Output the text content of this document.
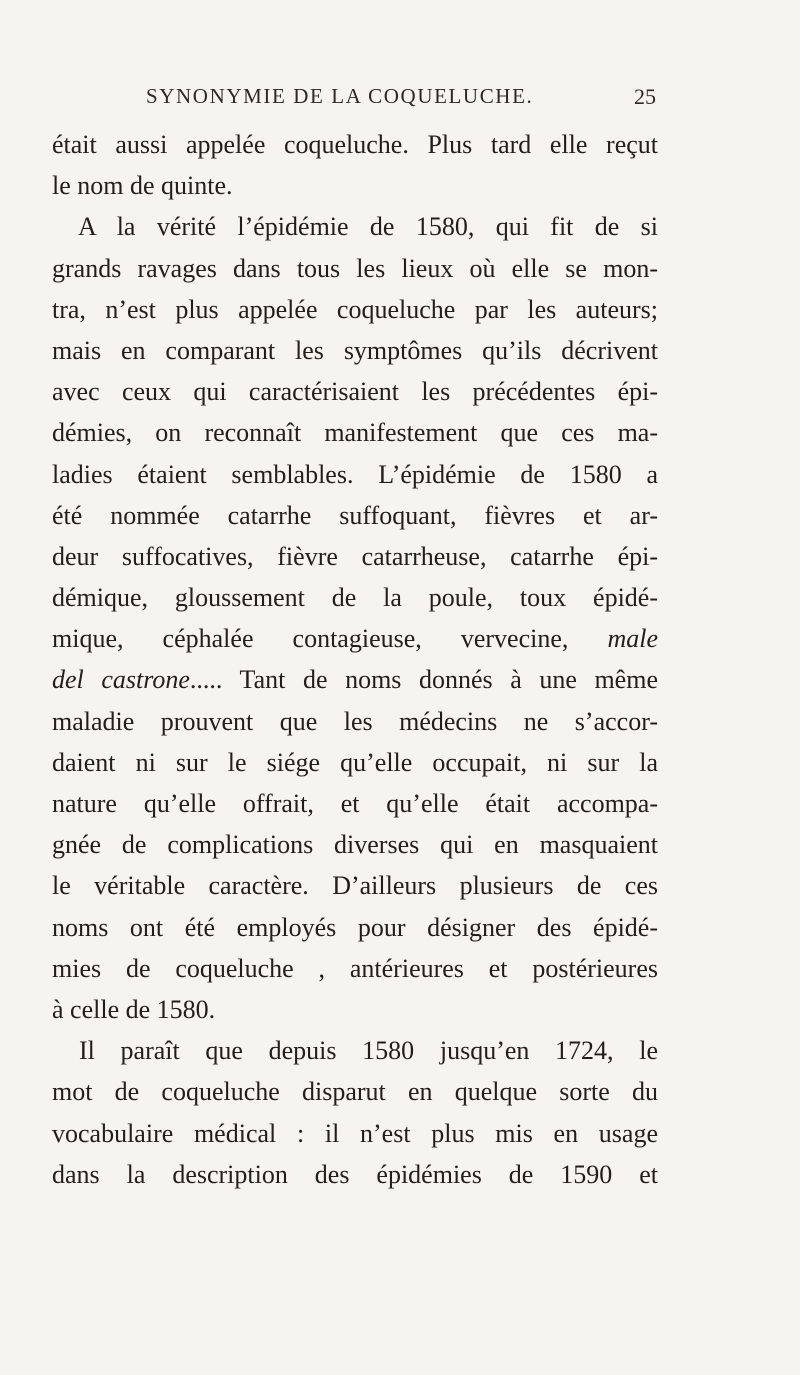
SYNONYMIE DE LA COQUELUCHE.	25
était aussi appelée coqueluche. Plus tard elle reçut
le nom de quinte.
A la vérité l’épidémie de 1580, qui fit de si
grands ravages dans tous les lieux où elle se mon-
tra, n’est plus appelée coqueluche par les auteurs;
mais en comparant les symptômes qu’ils décrivent
avec ceux qui caractérisaient les précédentes épi-
démies, on reconnaît manifestement que ces ma-
ladies étaient semblables. L’épidémie de 1580 a
été nommée catarrhe suffoquant, fièvres et ar-
deur suffocatives, fièvre catarrheuse, catarrhe épi-
démique, gloussement de la poule, toux épidé-
mique, céphalée contagieuse, vervecine, male
del castrone..... Tant de noms donnés à une même
maladie prouvent que les médecins ne s’accor-
daient ni sur le siége qu’elle occupait, ni sur la
nature qu’elle offrait, et qu’elle était accompa-
gnée de complications diverses qui en masquaient
le véritable caractère. D’ailleurs plusieurs de ces
noms ont été employés pour désigner des épidé-
mies de coqueluche , antérieures et postérieures
à celle de 1580.
Il paraît que depuis 1580 jusqu’en 1724, le
mot de coqueluche disparut en quelque sorte du
vocabulaire médical : il n’est plus mis en usage
dans la description des épidémies de 1590 et
